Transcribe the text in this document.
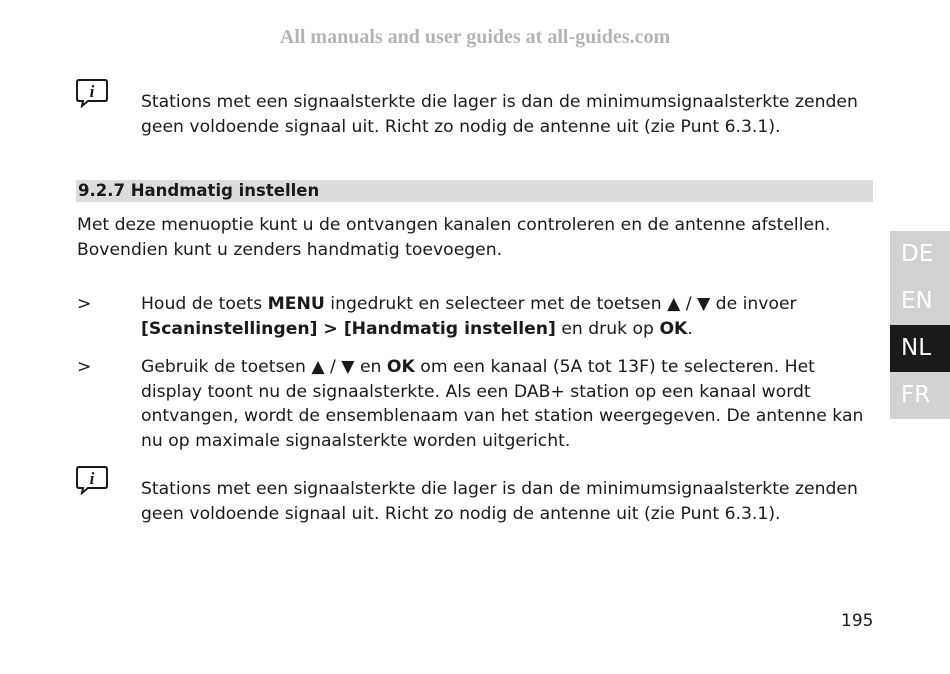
All manuals and user guides at all-guides.com
i
Stations met een signaalsterkte die lager is dan de minimumsignaalsterkte zenden geen voldoende signaal uit. Richt zo nodig de antenne uit (zie Punt 6.3.1).
9.2.7 Handmatig instellen
Met deze menuoptie kunt u de ontvangen kanalen controleren en de antenne afstellen. Bovendien kunt u zenders handmatig toevoegen.
>	Houd de toets MENU ingedrukt en selecteer met de toetsen ▲ / ▼ de invoer [Scaninstellingen] > [Handmatig instellen] en druk op OK.
>	Gebruik de toetsen ▲ / ▼ en OK om een kanaal (5A tot 13F) te selecteren. Het display toont nu de signaalsterkte. Als een DAB+ station op een kanaal wordt ontvangen, wordt de ensemblenaam van het station weergegeven. De antenne kan nu op maximale signaalsterkte worden uitgericht.
i
Stations met een signaalsterkte die lager is dan de minimumsignaalsterkte zenden geen voldoende signaal uit. Richt zo nodig de antenne uit (zie Punt 6.3.1).
DE
EN
NL
FR
195
